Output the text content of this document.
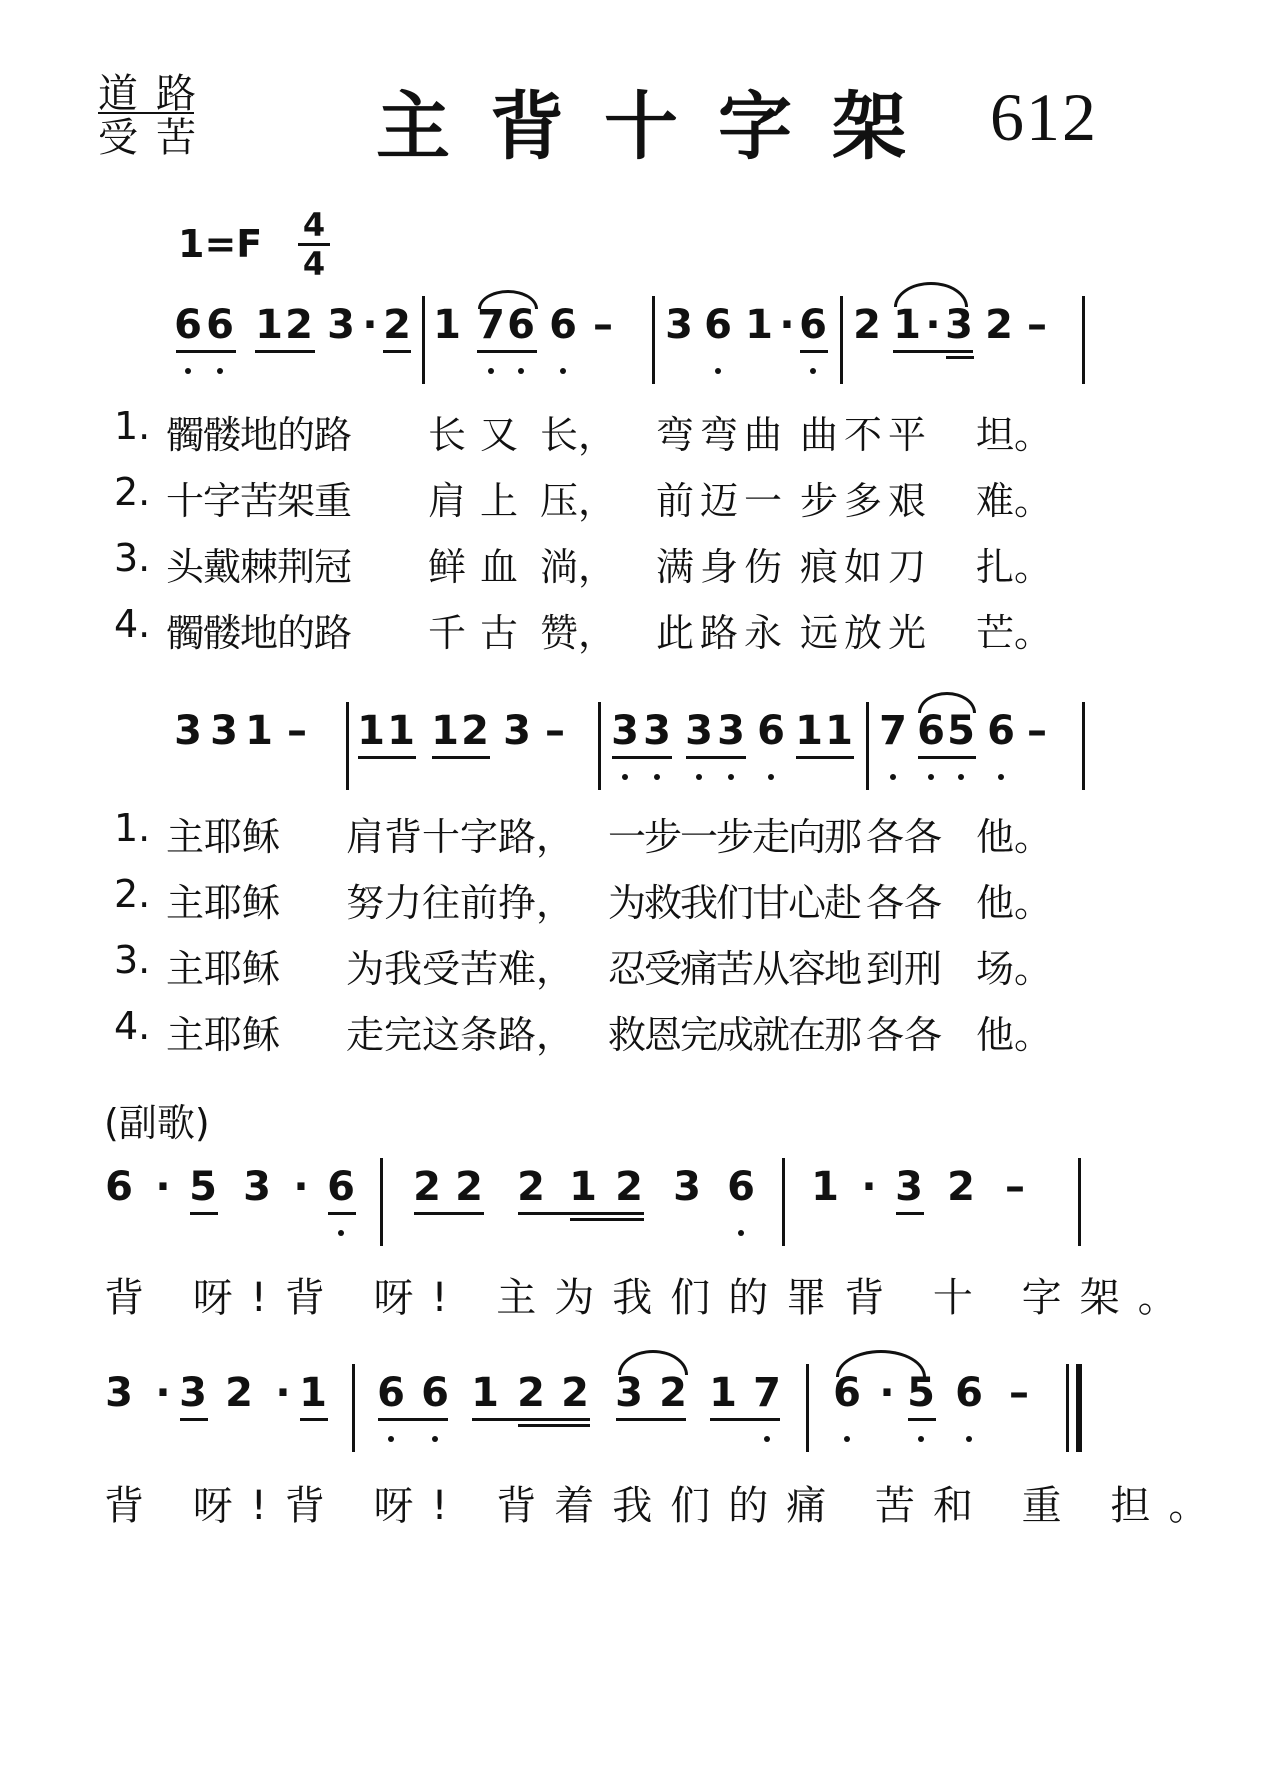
道路
受苦 主背十字架 612
1=F 4
4
6 6 1 2 3 · 2 1 7 6 6 – 3 6 1 · 6 2 1 · 3 2 –
1. 髑髅地的路 长又 长， 弯弯曲 曲不平 坦。
2. 十字苦架重 肩上 压， 前迈一 步多艰 难。
3. 头戴棘荆冠 鲜血 淌， 满身伤 痕如刀 扎。
4. 髑髅地的路 千古 赞， 此路永 远放光 芒。
3 3 1 – 1 1 1 2 3 – 3 3 3 3 6 1 1 7 6 5 6 –
1. 主耶稣 肩背十字路， 一步一步走向那 各各 他。
2. 主耶稣 努力往前挣， 为救我们甘心赴 各各 他。
3. 主耶稣 为我受苦难， 忍受痛苦从容地 到刑 场。
4. 主耶稣 走完这条路， 救恩完成就在那 各各 他。
(副歌)
6 · 5 3 · 6 2 2 2 1 2 3 6 1 · 3 2 –
背 呀!背 呀! 主为我们的罪背 十 字架。
3 · 3 2 · 1 6 6 1 2 2 3 2 1 7 6 · 5 6 –
背 呀!背 呀! 背着我们的痛 苦和 重 担。
